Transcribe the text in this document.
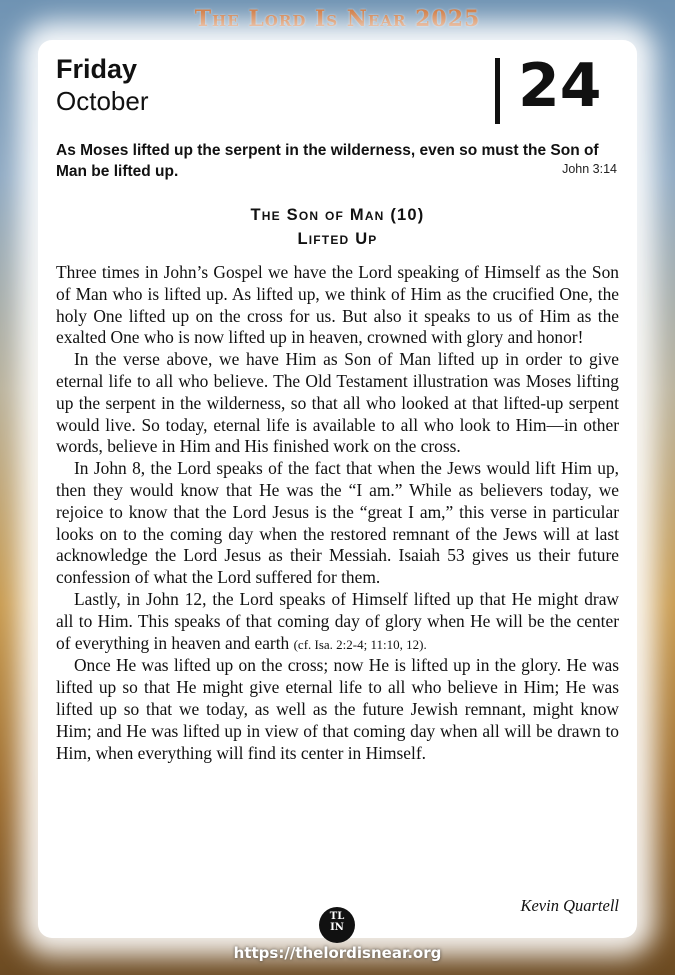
The Lord Is Near 2025
Friday
October	24
As Moses lifted up the serpent in the wilderness, even so must the Son of Man be lifted up.	John 3:14
The Son of Man (10)
Lifted Up

Three times in John’s Gospel we have the Lord speaking of Himself as the Son of Man who is lifted up. As lifted up, we think of Him as the crucified One, the holy One lifted up on the cross for us. But also it speaks to us of Him as the exalted One who is now lifted up in heaven, crowned with glory and honor!

In the verse above, we have Him as Son of Man lifted up in order to give eternal life to all who believe. The Old Testament illustration was Moses lifting up the serpent in the wilderness, so that all who looked at that lifted-up serpent would live. So today, eternal life is available to all who look to Him—in other words, believe in Him and His finished work on the cross.

In John 8, the Lord speaks of the fact that when the Jews would lift Him up, then they would know that He was the “I am.” While as believers today, we rejoice to know that the Lord Jesus is the “great I am,” this verse in particular looks on to the coming day when the restored remnant of the Jews will at last acknowledge the Lord Jesus as their Messiah. Isaiah 53 gives us their future confession of what the Lord suffered for them.

Lastly, in John 12, the Lord speaks of Himself lifted up that He might draw all to Him. This speaks of that coming day of glory when He will be the center of everything in heaven and earth (cf. Isa. 2:2-4; 11:10, 12).

Once He was lifted up on the cross; now He is lifted up in the glory. He was lifted up so that He might give eternal life to all who believe in Him; He was lifted up so that we today, as well as the future Jewish remnant, might know Him; and He was lifted up in view of that coming day when all will be drawn to Him, when everything will find its center in Himself.

Kevin Quartell
TL
IN
https://thelordisnear.org
